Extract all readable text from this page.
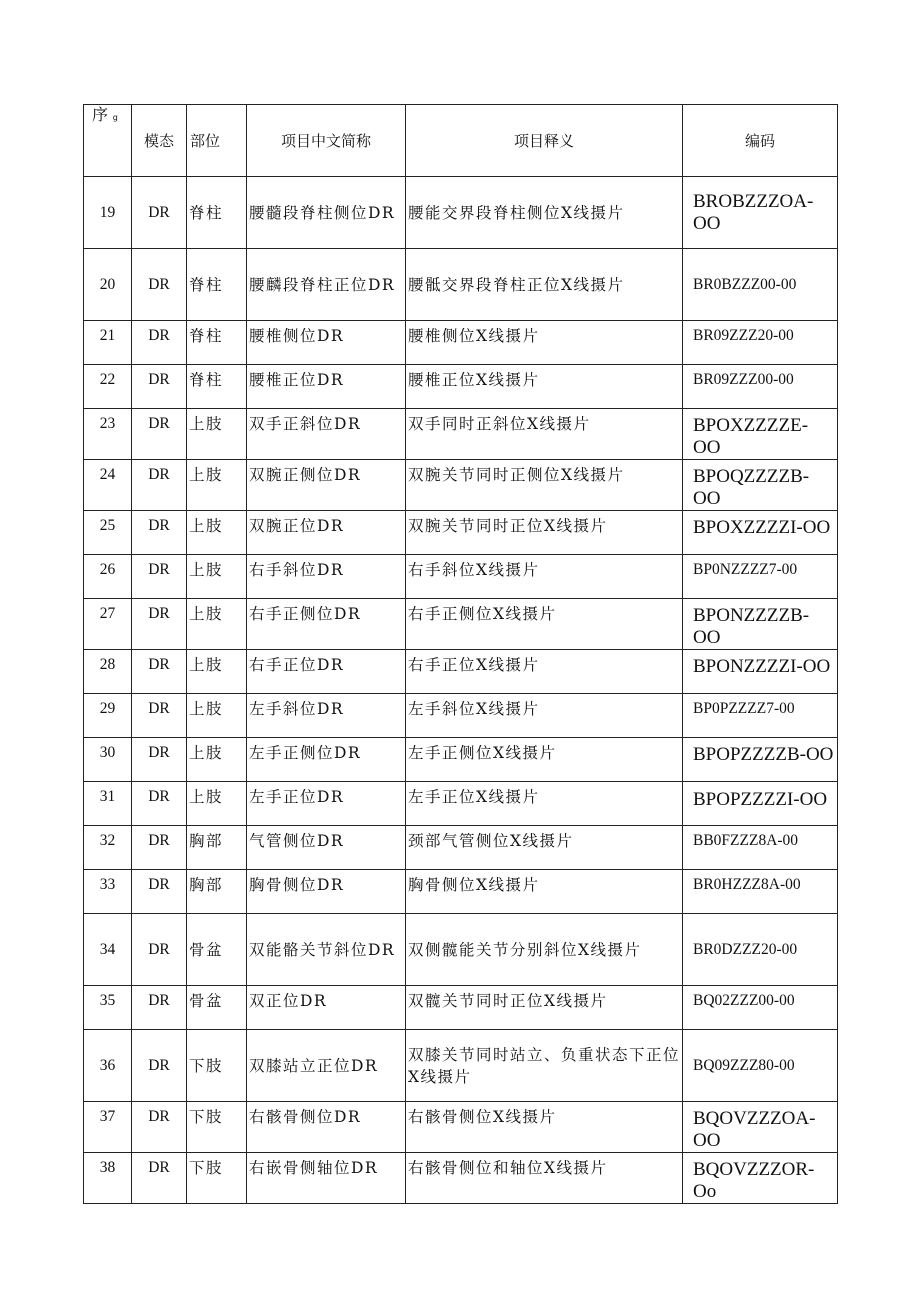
序 g	模态	部位	项目中文简称	项目释义	编码
19	DR	脊柱	腰髓段脊柱侧位DR	腰能交界段脊柱侧位X线摄片	BROBZZZOA-OO
20	DR	脊柱	腰麟段脊柱正位DR	腰骶交界段脊柱正位X线摄片	BR0BZZZ00-00
21	DR	脊柱	腰椎侧位DR	腰椎侧位X线摄片	BR09ZZZ20-00
22	DR	脊柱	腰椎正位DR	腰椎正位X线摄片	BR09ZZZ00-00
23	DR	上肢	双手正斜位DR	双手同时正斜位X线摄片	BPOXZZZZE-OO
24	DR	上肢	双腕正侧位DR	双腕关节同时正侧位X线摄片	BPOQZZZZB-OO
25	DR	上肢	双腕正位DR	双腕关节同时正位X线摄片	BPOXZZZZI-OO
26	DR	上肢	右手斜位DR	右手斜位X线摄片	BP0NZZZZ7-00
27	DR	上肢	右手正侧位DR	右手正侧位X线摄片	BPONZZZZB-OO
28	DR	上肢	右手正位DR	右手正位X线摄片	BPONZZZZI-OO
29	DR	上肢	左手斜位DR	左手斜位X线摄片	BP0PZZZZ7-00
30	DR	上肢	左手正侧位DR	左手正侧位X线摄片	BPOPZZZZB-OO
31	DR	上肢	左手正位DR	左手正位X线摄片	BPOPZZZZI-OO
32	DR	胸部	气管侧位DR	颈部气管侧位X线摄片	BB0FZZZ8A-00
33	DR	胸部	胸骨侧位DR	胸骨侧位X线摄片	BR0HZZZ8A-00
34	DR	骨盆	双能骼关节斜位DR	双侧髋能关节分别斜位X线摄片	BR0DZZZ20-00
35	DR	骨盆	双正位DR	双髋关节同时正位X线摄片	BQ02ZZZ00-00
36	DR	下肢	双膝站立正位DR	双膝关节同时站立、负重状态下正位X线摄片	BQ09ZZZ80-00
37	DR	下肢	右骸骨侧位DR	右骸骨侧位X线摄片	BQOVZZZOA-OO
38	DR	下肢	右嵌骨侧轴位DR	右骸骨侧位和轴位X线摄片	BQOVZZZOR-Oo
